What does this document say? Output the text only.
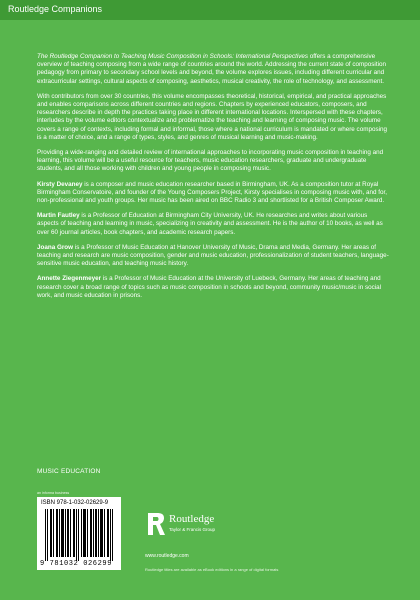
Routledge Companions

The Routledge Companion to Teaching Music Composition in Schools: International Perspectives offers a comprehensive overview of teaching composing from a wide range of countries around the world. Addressing the current state of composition pedagogy from primary to secondary school levels and beyond, the volume explores issues, including different curricular and extracurricular settings, cultural aspects of composing, aesthetics, musical creativity, the role of technology, and assessment.

With contributors from over 30 countries, this volume encompasses theoretical, historical, empirical, and practical approaches and enables comparisons across different countries and regions. Chapters by experienced educators, composers, and researchers describe in depth the practices taking place in different international locations. Interspersed with these chapters, interludes by the volume editors contextualize and problematize the teaching and learning of composing music. The volume covers a range of contexts, including formal and informal, those where a national curriculum is mandated or where composing is a matter of choice, and a range of types, styles, and genres of musical learning and music-making.

Providing a wide-ranging and detailed review of international approaches to incorporating music composition in teaching and learning, this volume will be a useful resource for teachers, music education researchers, graduate and undergraduate students, and all those working with children and young people in composing music.

Kirsty Devaney is a composer and music education researcher based in Birmingham, UK. As a composition tutor at Royal Birmingham Conservatoire, and founder of the Young Composers Project, Kirsty specialises in composing music with, and for, non-professional and youth groups. Her music has been aired on BBC Radio 3 and shortlisted for a British Composer Award.

Martin Fautley is a Professor of Education at Birmingham City University, UK. He researches and writes about various aspects of teaching and learning in music, specializing in creativity and assessment. He is the author of 10 books, as well as over 60 journal articles, book chapters, and academic research papers.

Joana Grow is a Professor of Music Education at Hanover University of Music, Drama and Media, Germany. Her areas of teaching and research are music composition, gender and music education, professionalization of student teachers, language-sensitive music education, and teaching music history.

Annette Ziegenmeyer is a Professor of Music Education at the University of Luebeck, Germany. Her areas of teaching and research cover a broad range of topics such as music composition in schools and beyond, community music/music in social work, and music education in prisons.

MUSIC EDUCATION
an informa business
ISBN 978-1-032-02629-9
9 781032 026299
Routledge
Taylor & Francis Group
www.routledge.com
Routledge titles are available as eBook editions in a range of digital formats
